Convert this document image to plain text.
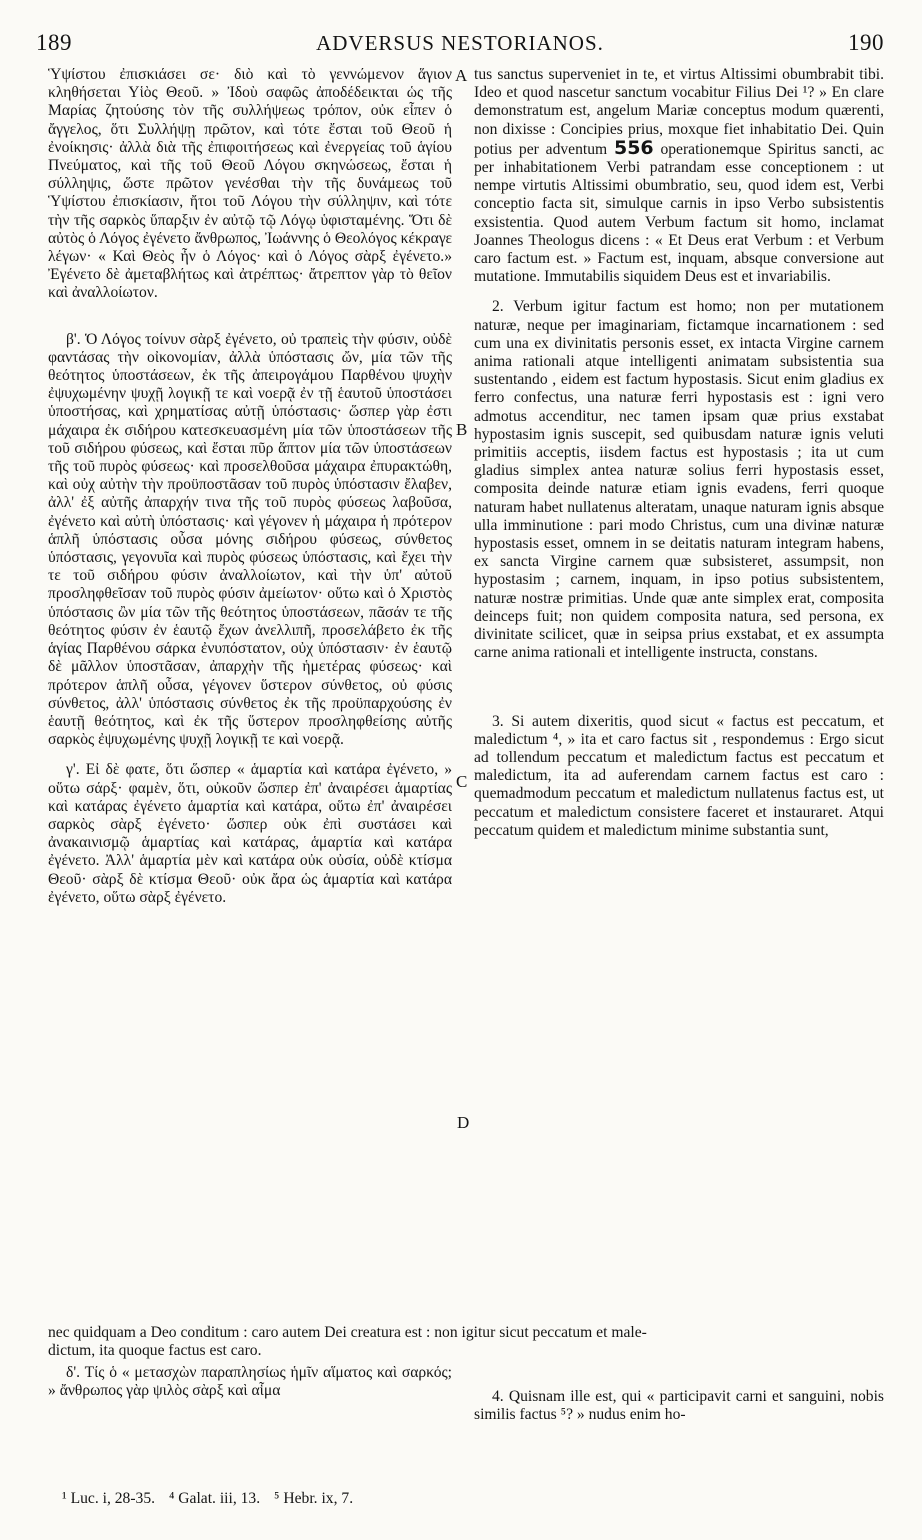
189	ADVERSUS NESTORIANOS.	190
A
B
C
D

Ὑψίστου ἐπισκιάσει σε· διὸ καὶ τὸ γεννώμενον ἅγιον κληθήσεται Υἱὸς Θεοῦ. » Ἰδοὺ σαφῶς ἀποδέδεικται ὡς τῆς Μαρίας ζητούσης τὸν τῆς συλλήψεως τρόπον, οὐκ εἶπεν ὁ ἄγγελος, ὅτι Συλλήψῃ πρῶτον, καὶ τότε ἔσται τοῦ Θεοῦ ἡ ἐνοίκησις· ἀλλὰ διὰ τῆς ἐπιφοιτήσεως καὶ ἐνεργείας τοῦ ἁγίου Πνεύματος, καὶ τῆς τοῦ Θεοῦ Λόγου σκηνώσεως, ἔσται ἡ σύλληψις, ὥστε πρῶτον γενέσθαι τὴν τῆς δυνάμεως τοῦ Ὑψίστου ἐπισκίασιν, ἤτοι τοῦ Λόγου τὴν σύλληψιν, καὶ τότε τὴν τῆς σαρκὸς ὕπαρξιν ἐν αὐτῷ τῷ Λόγῳ ὑφισταμένης. Ὅτι δὲ αὐτὸς ὁ Λόγος ἐγένετο ἄνθρωπος, Ἰωάννης ὁ Θεολόγος κέκραγε λέγων· « Καὶ Θεὸς ἦν ὁ Λόγος· καὶ ὁ Λόγος σὰρξ ἐγένετο.» Ἐγένετο δὲ ἀμεταβλήτως καὶ ἀτρέπτως· ἄτρεπτον γὰρ τὸ θεῖον καὶ ἀναλλοίωτον.

β'. Ὁ Λόγος τοίνυν σὰρξ ἐγένετο, οὐ τραπεὶς τὴν φύσιν, οὐδὲ φαντάσας τὴν οἰκονομίαν, ἀλλὰ ὑπόστασις ὤν, μία τῶν τῆς θεότητος ὑποστάσεων, ἐκ τῆς ἀπειρογάμου Παρθένου ψυχὴν ἐψυχωμένην ψυχῇ λογικῇ τε καὶ νοερᾷ ἐν τῇ ἑαυτοῦ ὑποστάσει ὑποστήσας, καὶ χρηματίσας αὐτῇ ὑπόστασις· ὥσπερ γὰρ ἐστι μάχαιρα ἐκ σιδήρου κατεσκευασμένη μία τῶν ὑποστάσεων τῆς τοῦ σιδήρου φύσεως, καὶ ἔσται πῦρ ἅπτον μία τῶν ὑποστάσεων τῆς τοῦ πυρὸς φύσεως· καὶ προσελθοῦσα μάχαιρα ἐπυρακτώθη, καὶ οὐχ αὐτὴν τὴν προϋποστᾶσαν τοῦ πυρὸς ὑπόστασιν ἔλαβεν, ἀλλ' ἐξ αὐτῆς ἀπαρχήν τινα τῆς τοῦ πυρὸς φύσεως λαβοῦσα, ἐγένετο καὶ αὐτὴ ὑπόστασις· καὶ γέγονεν ἡ μάχαιρα ἡ πρότερον ἁπλῆ ὑπόστασις οὖσα μόνης σιδήρου φύσεως, σύνθετος ὑπόστασις, γεγονυῖα καὶ πυρὸς φύσεως ὑπόστασις, καὶ ἔχει τὴν τε τοῦ σιδήρου φύσιν ἀναλλοίωτον, καὶ τὴν ὑπ' αὐτοῦ προσληφθεῖσαν τοῦ πυρὸς φύσιν ἀμείωτον· οὕτω καὶ ὁ Χριστὸς ὑπόστασις ὢν μία τῶν τῆς θεότητος ὑποστάσεων, πᾶσάν τε τῆς θεότητος φύσιν ἐν ἑαυτῷ ἔχων ἀνελλιπῆ, προσελάβετο ἐκ τῆς ἁγίας Παρθένου σάρκα ἐνυπόστατον, οὐχ ὑπόστασιν· ἐν ἑαυτῷ δὲ μᾶλλον ὑποστᾶσαν, ἀπαρχὴν τῆς ἡμετέρας φύσεως· καὶ πρότερον ἁπλῆ οὖσα, γέγονεν ὕστερον σύνθετος, οὐ φύσις σύνθετος, ἀλλ' ὑπόστασις σύνθετος ἐκ τῆς προϋπαρχούσης ἐν ἑαυτῇ θεότητος, καὶ ἐκ τῆς ὕστερον προσληφθείσης αὐτῆς σαρκὸς ἐψυχωμένης ψυχῇ λογικῇ τε καὶ νοερᾷ.

γ'. Εἰ δὲ φατε, ὅτι ὥσπερ « ἁμαρτία καὶ κατάρα ἐγένετο, » οὕτω σάρξ· φαμὲν, ὅτι, οὐκοῦν ὥσπερ ἐπ' ἀναιρέσει ἁμαρτίας καὶ κατάρας ἐγένετο ἁμαρτία καὶ κατάρα, οὕτω ἐπ' ἀναιρέσει σαρκὸς σὰρξ ἐγένετο· ὥσπερ οὐκ ἐπὶ συστάσει καὶ ἀνακαινισμῷ ἁμαρτίας καὶ κατάρας, ἁμαρτία καὶ κατάρα ἐγένετο. Ἀλλ' ἁμαρτία μὲν καὶ κατάρα οὐκ οὐσία, οὐδὲ κτίσμα Θεοῦ· σὰρξ δὲ κτίσμα Θεοῦ· οὐκ ἄρα ὡς ἁμαρτία καὶ κατάρα ἐγένετο, οὕτω σὰρξ ἐγένετο.

tus sanctus superveniet in te, et virtus Altissimi obumbrabit tibi. Ideo et quod nascetur sanctum vocabitur Filius Dei ¹? » En clare demonstratum est, angelum Mariæ conceptus modum quærenti, non dixisse : Concipies prius, moxque fiet inhabitatio Dei. Quin potius per adventum 556 operationemque Spiritus sancti, ac per inhabitationem Verbi patrandam esse conceptionem : ut nempe virtutis Altissimi obumbratio, seu, quod idem est, Verbi conceptio facta sit, simulque carnis in ipso Verbo subsistentis exsistentia. Quod autem Verbum factum sit homo, inclamat Joannes Theologus dicens : « Et Deus erat Verbum : et Verbum caro factum est. » Factum est, inquam, absque conversione aut mutatione. Immutabilis siquidem Deus est et invariabilis.

2. Verbum igitur factum est homo; non per mutationem naturæ, neque per imaginariam, fictamque incarnationem : sed cum una ex divinitatis personis esset, ex intacta Virgine carnem anima rationali atque intelligenti animatam subsistentia sua sustentando , eidem est factum hypostasis. Sicut enim gladius ex ferro confectus, una naturæ ferri hypostasis est : igni vero admotus accenditur, nec tamen ipsam quæ prius exstabat hypostasim ignis suscepit, sed quibusdam naturæ ignis veluti primitiis acceptis, iisdem factus est hypostasis ; ita ut cum gladius simplex antea naturæ solius ferri hypostasis esset, composita deinde naturæ etiam ignis evadens, ferri quoque naturam habet nullatenus alteratam, unaque naturam ignis absque ulla imminutione : pari modo Christus, cum una divinæ naturæ hypostasis esset, omnem in se deitatis naturam integram habens, ex sancta Virgine carnem quæ subsisteret, assumpsit, non hypostasim ; carnem, inquam, in ipso potius subsistentem, naturæ nostræ primitias. Unde quæ ante simplex erat, composita deinceps fuit; non quidem composita natura, sed persona, ex divinitate scilicet, quæ in seipsa prius exstabat, et ex assumpta carne anima rationali et intelligente instructa, constans.

3. Si autem dixeritis, quod sicut « factus est peccatum, et maledictum ⁴, » ita et caro factus sit , respondemus : Ergo sicut ad tollendum peccatum et maledictum factus est peccatum et maledictum, ita ad auferendam carnem factus est caro : quemadmodum peccatum et maledictum nullatenus factus est, ut peccatum et maledictum consistere faceret et instauraret. Atqui peccatum quidem et maledictum minime substantia sunt,

nec quidquam a Deo conditum : caro autem Dei creatura est : non igitur sicut peccatum et male-
dictum, ita quoque factus est caro.

δ'. Τίς ὁ « μετασχὼν παραπλησίως ἡμῖν αἵματος καὶ σαρκός; » ἄνθρωπος γὰρ ψιλὸς σὰρξ καὶ αἷμα	4. Quisnam ille est, qui « participavit carni et sanguini, nobis similis factus ⁵? » nudus enim ho-

¹ Luc. i, 28-35. ⁴ Galat. iii, 13. ⁵ Hebr. ix, 7.
